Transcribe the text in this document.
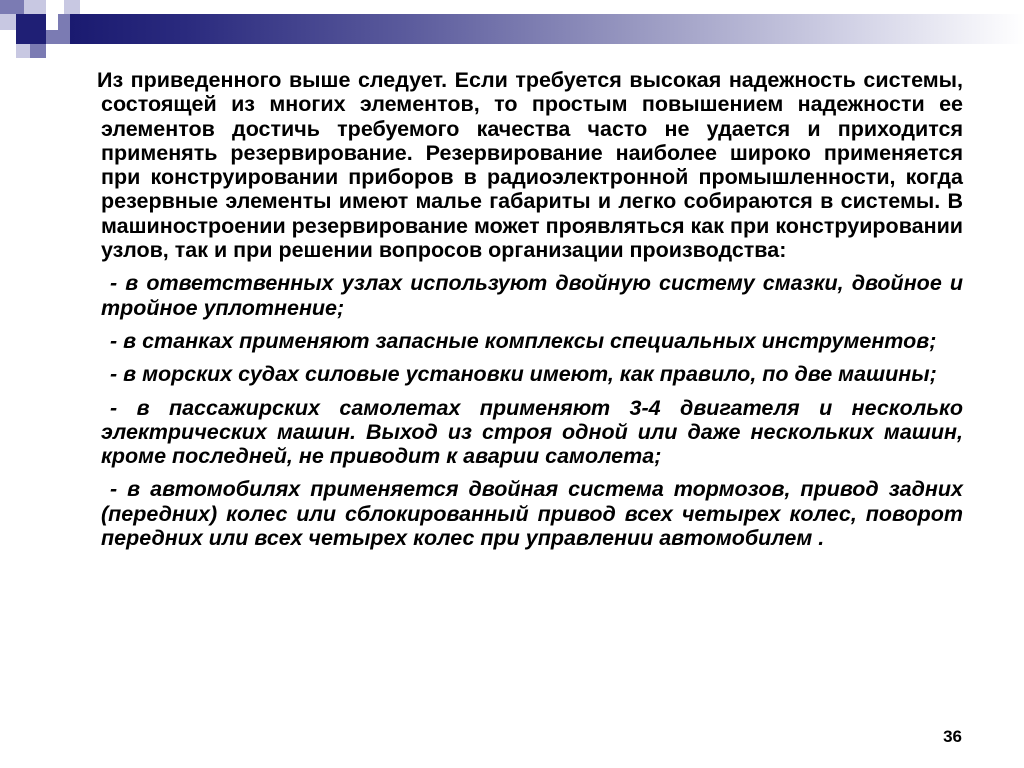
Из приведенного выше следует. Если требуется высокая надежность системы, состоящей из многих элементов, то простым повышением надежности ее элементов достичь требуемого качества часто не удается и приходится применять резервирование. Резервирование наиболее широко применяется при конструировании приборов в радиоэлектронной промышленности, когда резервные элементы имеют малье габариты и легко собираются в системы. В машиностроении резервирование может проявляться как при конструировании узлов, так и при решении вопросов организации производства:

- в ответственных узлах используют двойную систему смазки, двойное и тройное уплотнение;

- в станках применяют запасные комплексы специальных инструментов;

- в морских судах силовые установки имеют, как правило, по две машины;

- в пассажирских самолетах применяют 3-4 двигателя и несколько электрических машин. Выход из строя одной или даже нескольких машин, кроме последней, не приводит к аварии самолета;

- в автомобилях применяется двойная система тормозов, привод задних (передних) колес или сблокированный привод всех четырех колес, поворот передних или всех четырех колес при управлении автомобилем .

36
